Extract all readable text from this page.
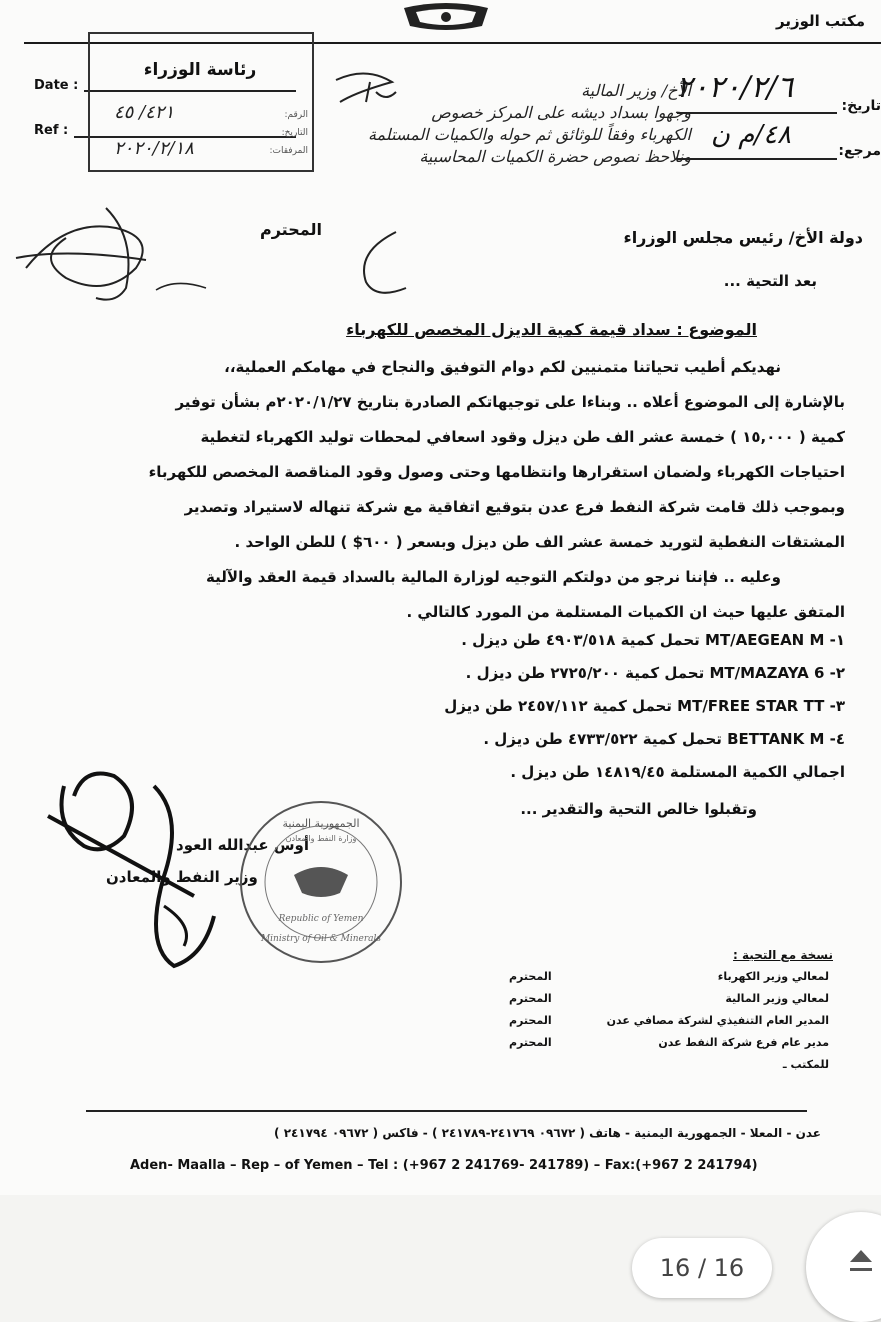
مكتب الوزير
Date :
Ref :
رئاسة الوزراء
الرقم:
التاريخ:
المرفقات:
٤٢١/ ٤٥
٢٠٢٠/٢/١٨
تاريخ:
٢٠٢٠/٢/٦
مرجع:
٤٨/م ن
الأخ/ وزير المالية
وجهوا بسداد ديشه على المركز خصوص
الكهرباء وفقاً للوثائق ثم حوله والكميات المستلمة
ونلاحظ نصوص حضرة الكميات المحاسبية
دولة الأخ/ رئيس مجلس الوزراء
المحترم
بعد التحية ...
الموضوع : سداد قيمة كمية الديزل المخصص للكهرباء
نهديكم أطيب تحياتنا متمنيين لكم دوام التوفيق والنجاح في مهامكم العملية،،
بالإشارة إلى الموضوع أعلاه .. وبناءا على توجيهاتكم الصادرة بتاريخ ٢٠٢٠/١/٢٧م بشأن توفير
كمية ( ١٥,٠٠٠ ) خمسة عشر الف طن ديزل وقود اسعافي لمحطات توليد الكهرباء لتغطية
احتياجات الكهرباء ولضمان استقرارها وانتظامها وحتى وصول وقود المناقصة المخصص للكهرباء
وبموجب ذلك قامت شركة النفط فرع عدن بتوقيع اتفاقية مع شركة تنهاله لاستيراد وتصدير
المشتقات النفطية لتوريد خمسة عشر الف طن ديزل وبسعر ( ٦٠٠$ ) للطن الواحد .
وعليه .. فإننا نرجو من دولتكم التوجيه لوزارة المالية بالسداد قيمة العقد والآلية
المتفق عليها حيث ان الكميات المستلمة من المورد كالتالي .
١- MT/AEGEAN M تحمل كمية ٤٩٠٣/٥١٨ طن ديزل .
٢- MT/MAZAYA 6 تحمل كمية ٢٧٢٥/٢٠٠ طن ديزل .
٣- MT/FREE STAR TT تحمل كمية ٢٤٥٧/١١٢ طن ديزل
٤- BETTANK M تحمل كمية ٤٧٣٣/٥٢٢ طن ديزل .
اجمالي الكمية المستلمة ١٤٨١٩/٤٥ طن ديزل .
وتقبلوا خالص التحية والتقدير ...
أوس عبدالله العود
وزير النفط والمعادن
الجمهورية اليمنية
وزارة النفط والمعادن
Republic of Yemen
Ministry of Oil & Minerals
نسخة مع التحية :
لمعالي وزير الكهرباء
المحترم
لمعالي وزير المالية
المحترم
المدير العام التنفيذي لشركة مصافي عدن
المحترم
مدير عام فرع شركة النفط عدن
المحترم
للمكتب ـ
عدن - المعلا - الجمهورية اليمنية - هاتف ( ٠٩٦٧٢ ٢٤١٧٦٩-٢٤١٧٨٩ ) - فاكس ( ٠٩٦٧٢ ٢٤١٧٩٤ )
Aden- Maalla – Rep – of Yemen – Tel : (+967 2 241769- 241789) – Fax:(+967 2 241794)
16 / 16
